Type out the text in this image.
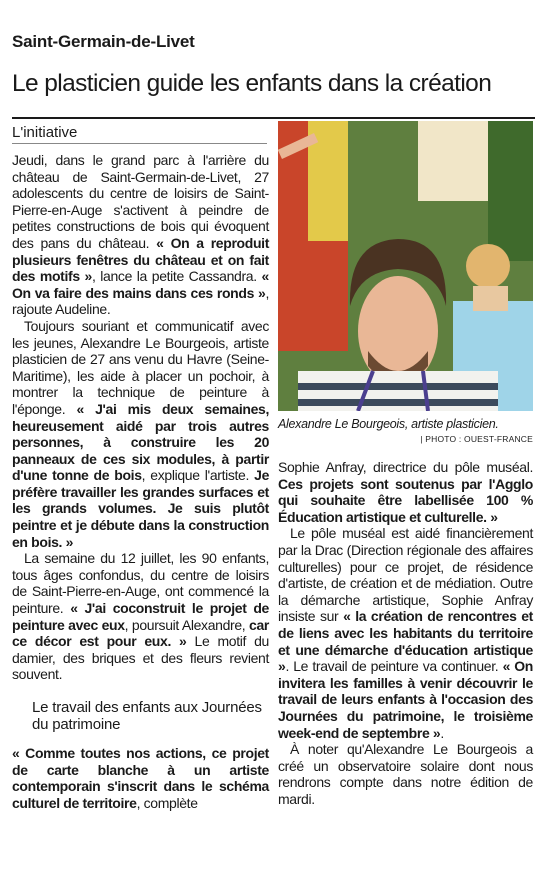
Saint-Germain-de-Livet
Le plasticien guide les enfants dans la création
L'initiative

Jeudi, dans le grand parc à l'arrière du château de Saint-Germain-de-Livet, 27 adolescents du centre de loisirs de Saint-Pierre-en-Auge s'activent à peindre de petites constructions de bois qui évoquent des pans du château. « On a reproduit plusieurs fenêtres du château et on fait des motifs », lance la petite Cassandra. « On va faire des mains dans ces ronds », rajoute Audeline.

Toujours souriant et communicatif avec les jeunes, Alexandre Le Bourgeois, artiste plasticien de 27 ans venu du Havre (Seine-Maritime), les aide à placer un pochoir, à montrer la technique de peinture à l'éponge. « J'ai mis deux semaines, heureusement aidé par trois autres personnes, à construire les 20 panneaux de ces six modules, à partir d'une tonne de bois, explique l'artiste. Je préfère travailler les grandes surfaces et les grands volumes. Je suis plutôt peintre et je débute dans la construction en bois. »

La semaine du 12 juillet, les 90 enfants, tous âges confondus, du centre de loisirs de Saint-Pierre-en-Auge, ont commencé la peinture. « J'ai coconstruit le projet de peinture avec eux, poursuit Alexandre, car ce décor est pour eux. » Le motif du damier, des briques et des fleurs revient souvent.

Le travail des enfants aux Journées du patrimoine

« Comme toutes nos actions, ce projet de carte blanche à un artiste contemporain s'inscrit dans le schéma culturel de territoire, complète

Alexandre Le Bourgeois, artiste plasticien.
| PHOTO : OUEST-FRANCE

Sophie Anfray, directrice du pôle muséal. Ces projets sont soutenus par l'Agglo qui souhaite être labellisée 100 % Éducation artistique et culturelle. »

Le pôle muséal est aidé financièrement par la Drac (Direction régionale des affaires culturelles) pour ce projet, de résidence d'artiste, de création et de médiation. Outre la démarche artistique, Sophie Anfray insiste sur « la création de rencontres et de liens avec les habitants du territoire et une démarche d'éducation artistique ». Le travail de peinture va continuer. « On invitera les familles à venir découvrir le travail de leurs enfants à l'occasion des Journées du patrimoine, le troisième week-end de septembre ».

À noter qu'Alexandre Le Bourgeois a créé un observatoire solaire dont nous rendrons compte dans notre édition de mardi.
